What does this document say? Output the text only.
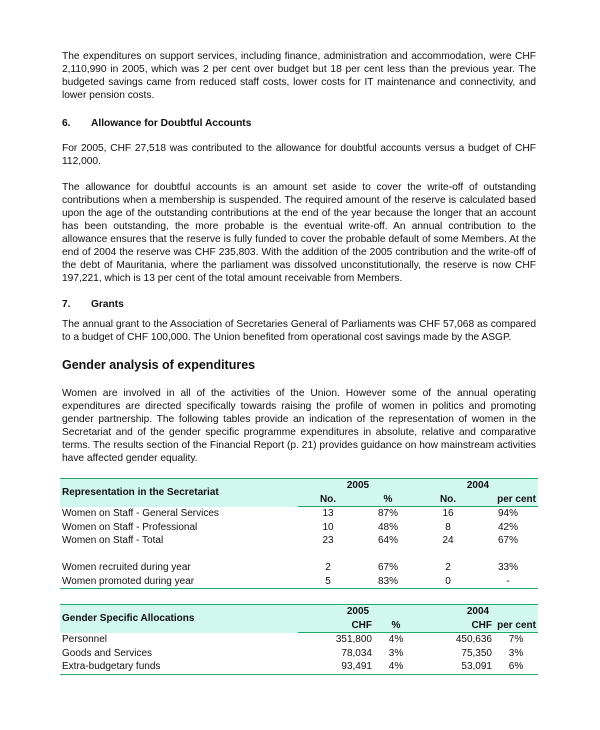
The expenditures on support services, including finance, administration and accommodation, were CHF 2,110,990 in 2005, which was 2 per cent over budget but 18 per cent less than the previous year. The budgeted savings came from reduced staff costs, lower costs for IT maintenance and connectivity, and lower pension costs.

6. Allowance for Doubtful Accounts

For 2005, CHF 27,518 was contributed to the allowance for doubtful accounts versus a budget of CHF 112,000.

The allowance for doubtful accounts is an amount set aside to cover the write-off of outstanding contributions when a membership is suspended. The required amount of the reserve is calculated based upon the age of the outstanding contributions at the end of the year because the longer that an account has been outstanding, the more probable is the eventual write-off. An annual contribution to the allowance ensures that the reserve is fully funded to cover the probable default of some Members. At the end of 2004 the reserve was CHF 235,803. With the addition of the 2005 contribution and the write-off of the debt of Mauritania, where the parliament was dissolved unconstitutionally, the reserve is now CHF 197,221, which is 13 per cent of the total amount receivable from Members.

7. Grants

The annual grant to the Association of Secretaries General of Parliaments was CHF 57,068 as compared to a budget of CHF 100,000. The Union benefited from operational cost savings made by the ASGP.

Gender analysis of expenditures

Women are involved in all of the activities of the Union. However some of the annual operating expenditures are directed specifically towards raising the profile of women in politics and promoting gender partnership. The following tables provide an indication of the representation of women in the Secretariat and of the gender specific programme expenditures in absolute, relative and comparative terms. The results section of the Financial Report (p. 21) provides guidance on how mainstream activities have affected gender equality.

Representation in the Secretariat	2005		2004	
	No.	%	No.	per cent
Women on Staff - General Services	13	87%	16	94%
Women on Staff - Professional	10	48%	8	42%
Women on Staff - Total	23	64%	24	67%

Women recruited during year	2	67%	2	33%
Women promoted during year	5	83%	0	-
Gender Specific Allocations	2005		2004	
	CHF	%	CHF	per cent
Personnel	351,800	4%	450,636	7%
Goods and Services	78,034	3%	75,350	3%
Extra-budgetary funds	93,491	4%	53,091	6%
